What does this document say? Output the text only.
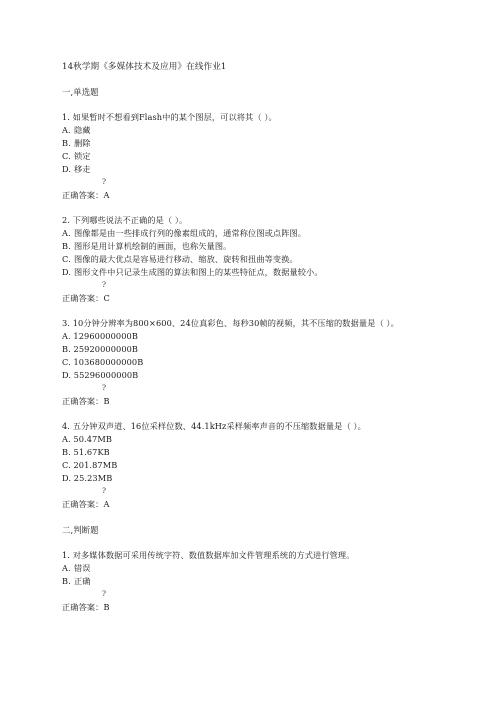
14秋学期《多媒体技术及应用》在线作业1
一,单选题
1. 如果暂时不想看到Flash中的某个图层，可以将其（ ）。
A. 隐藏
B. 删除
C. 锁定
D. 移走
?
正确答案：A
2. 下列哪些说法不正确的是（ ）。
A. 图像都是由一些排成行列的像素组成的，通常称位图或点阵图。
B. 图形是用计算机绘制的画面，也称矢量图。
C. 图像的最大优点是容易进行移动、缩放、旋转和扭曲等变换。
D. 图形文件中只记录生成图的算法和图上的某些特征点，数据量较小。
?
正确答案：C
3. 10分钟分辨率为800×600、24位真彩色、每秒30帧的视频，其不压缩的数据量是（ ）。
A. 12960000000B
B. 25920000000B
C. 103680000000B
D. 55296000000B
?
正确答案：B
4. 五分钟双声道、16位采样位数、44.1kHz采样频率声音的不压缩数据量是（ ）。
A. 50.47MB
B. 51.67KB
C. 201.87MB
D. 25.23MB
?
正确答案：A
二,判断题
1. 对多媒体数据可采用传统字符、数值数据库加文件管理系统的方式进行管理。
A. 错误
B. 正确
?
正确答案：B
